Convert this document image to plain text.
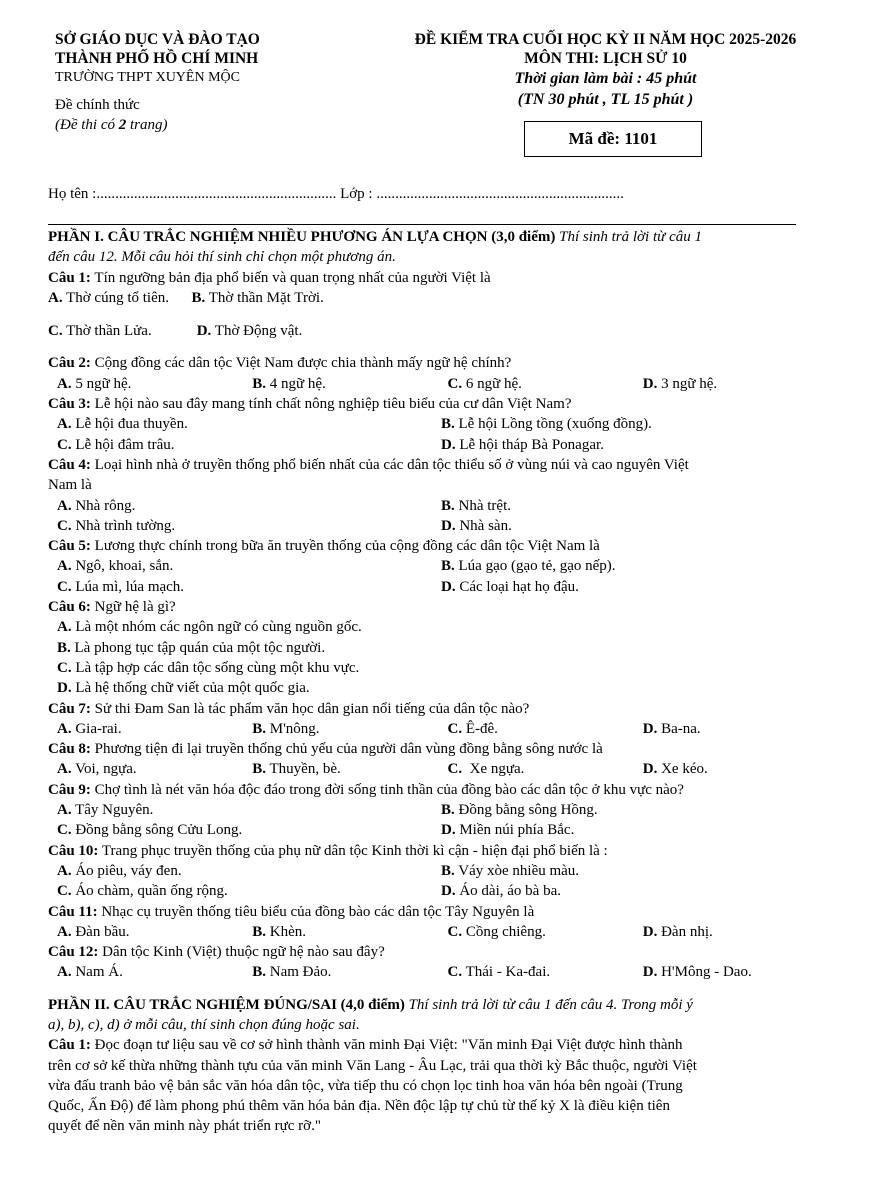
SỞ GIÁO DỤC VÀ ĐÀO TẠO
THÀNH PHỐ HỒ CHÍ MINH
TRƯỜNG THPT XUYÊN MỘC
Đề chính thức
(Đề thi có 2 trang)
ĐỀ KIỂM TRA CUỐI HỌC KỲ II NĂM HỌC 2025-2026
MÔN THI: LỊCH SỬ 10
Thời gian làm bài : 45 phút
(TN 30 phút , TL 15 phút )
Mã đề: 1101
Họ tên :................................................................ Lớp : ..................................................................

PHẦN I. CÂU TRẮC NGHIỆM NHIỀU PHƯƠNG ÁN LỰA CHỌN (3,0 điểm) Thí sinh trả lời từ câu 1

đến câu 12. Mỗi câu hỏi thí sinh chỉ chọn một phương án.

Câu 1: Tín ngưỡng bản địa phổ biến và quan trọng nhất của người Việt là

A. Thờ cúng tổ tiên. B. Thờ thần Mặt Trời.

C. Thờ thần Lửa.	D. Thờ Động vật.

Câu 2: Cộng đồng các dân tộc Việt Nam được chia thành mấy ngữ hệ chính?

A. 5 ngữ hệ.	B. 4 ngữ hệ.	C. 6 ngữ hệ.	D. 3 ngữ hệ.

Câu 3: Lễ hội nào sau đây mang tính chất nông nghiệp tiêu biểu của cư dân Việt Nam?

A. Lễ hội đua thuyền.	B. Lễ hội Lồng tồng (xuống đồng).
C. Lễ hội đâm trâu.	D. Lễ hội tháp Bà Ponagar.

Câu 4: Loại hình nhà ở truyền thống phổ biến nhất của các dân tộc thiểu số ở vùng núi và cao nguyên Việt

Nam là

A. Nhà rông.	B. Nhà trệt.
C. Nhà trình tường.	D. Nhà sàn.

Câu 5: Lương thực chính trong bữa ăn truyền thống của cộng đồng các dân tộc Việt Nam là

A. Ngô, khoai, sắn.	B. Lúa gạo (gạo tẻ, gạo nếp).
C. Lúa mì, lúa mạch.	D. Các loại hạt họ đậu.

Câu 6: Ngữ hệ là gì?

A. Là một nhóm các ngôn ngữ có cùng nguồn gốc.

B. Là phong tục tập quán của một tộc người.

C. Là tập hợp các dân tộc sống cùng một khu vực.

D. Là hệ thống chữ viết của một quốc gia.

Câu 7: Sử thi Đam San là tác phẩm văn học dân gian nổi tiếng của dân tộc nào?

A. Gia-rai.	B. M'nông.	C. Ê-đê.	D. Ba-na.

Câu 8: Phương tiện đi lại truyền thống chủ yếu của người dân vùng đồng bằng sông nước là

A. Voi, ngựa.	B. Thuyền, bè.	C.  Xe ngựa.	D. Xe kéo.

Câu 9: Chợ tình là nét văn hóa độc đáo trong đời sống tinh thần của đồng bào các dân tộc ở khu vực nào?

A. Tây Nguyên.	B. Đồng bằng sông Hồng.
C. Đồng bằng sông Cửu Long.	D. Miền núi phía Bắc.

Câu 10: Trang phục truyền thống của phụ nữ dân tộc Kinh thời kì cận - hiện đại phổ biến là :

A. Áo piêu, váy đen.	B. Váy xòe nhiều màu.
C. Áo chàm, quần ống rộng.	D. Áo dài, áo bà ba.

Câu 11: Nhạc cụ truyền thống tiêu biểu của đồng bào các dân tộc Tây Nguyên là

A. Đàn bầu.	B. Khèn.	C. Cồng chiêng.	D. Đàn nhị.

Câu 12: Dân tộc Kinh (Việt) thuộc ngữ hệ nào sau đây?

A. Nam Á.	B. Nam Đảo.	C. Thái - Ka-đai.	D. H'Mông - Dao.

PHẦN II. CÂU TRẮC NGHIỆM ĐÚNG/SAI (4,0 điểm) Thí sinh trả lời từ câu 1 đến câu 4. Trong mỗi ý

a), b), c), d) ở mỗi câu, thí sinh chọn đúng hoặc sai.

Câu 1: Đọc đoạn tư liệu sau về cơ sở hình thành văn minh Đại Việt: "Văn minh Đại Việt được hình thành

trên cơ sở kế thừa những thành tựu của văn minh Văn Lang - Âu Lạc, trải qua thời kỳ Bắc thuộc, người Việt

vừa đấu tranh bảo vệ bản sắc văn hóa dân tộc, vừa tiếp thu có chọn lọc tinh hoa văn hóa bên ngoài (Trung

Quốc, Ấn Độ) để làm phong phú thêm văn hóa bản địa. Nền độc lập tự chủ từ thế kỷ X là điều kiện tiên

quyết để nền văn minh này phát triển rực rỡ."
